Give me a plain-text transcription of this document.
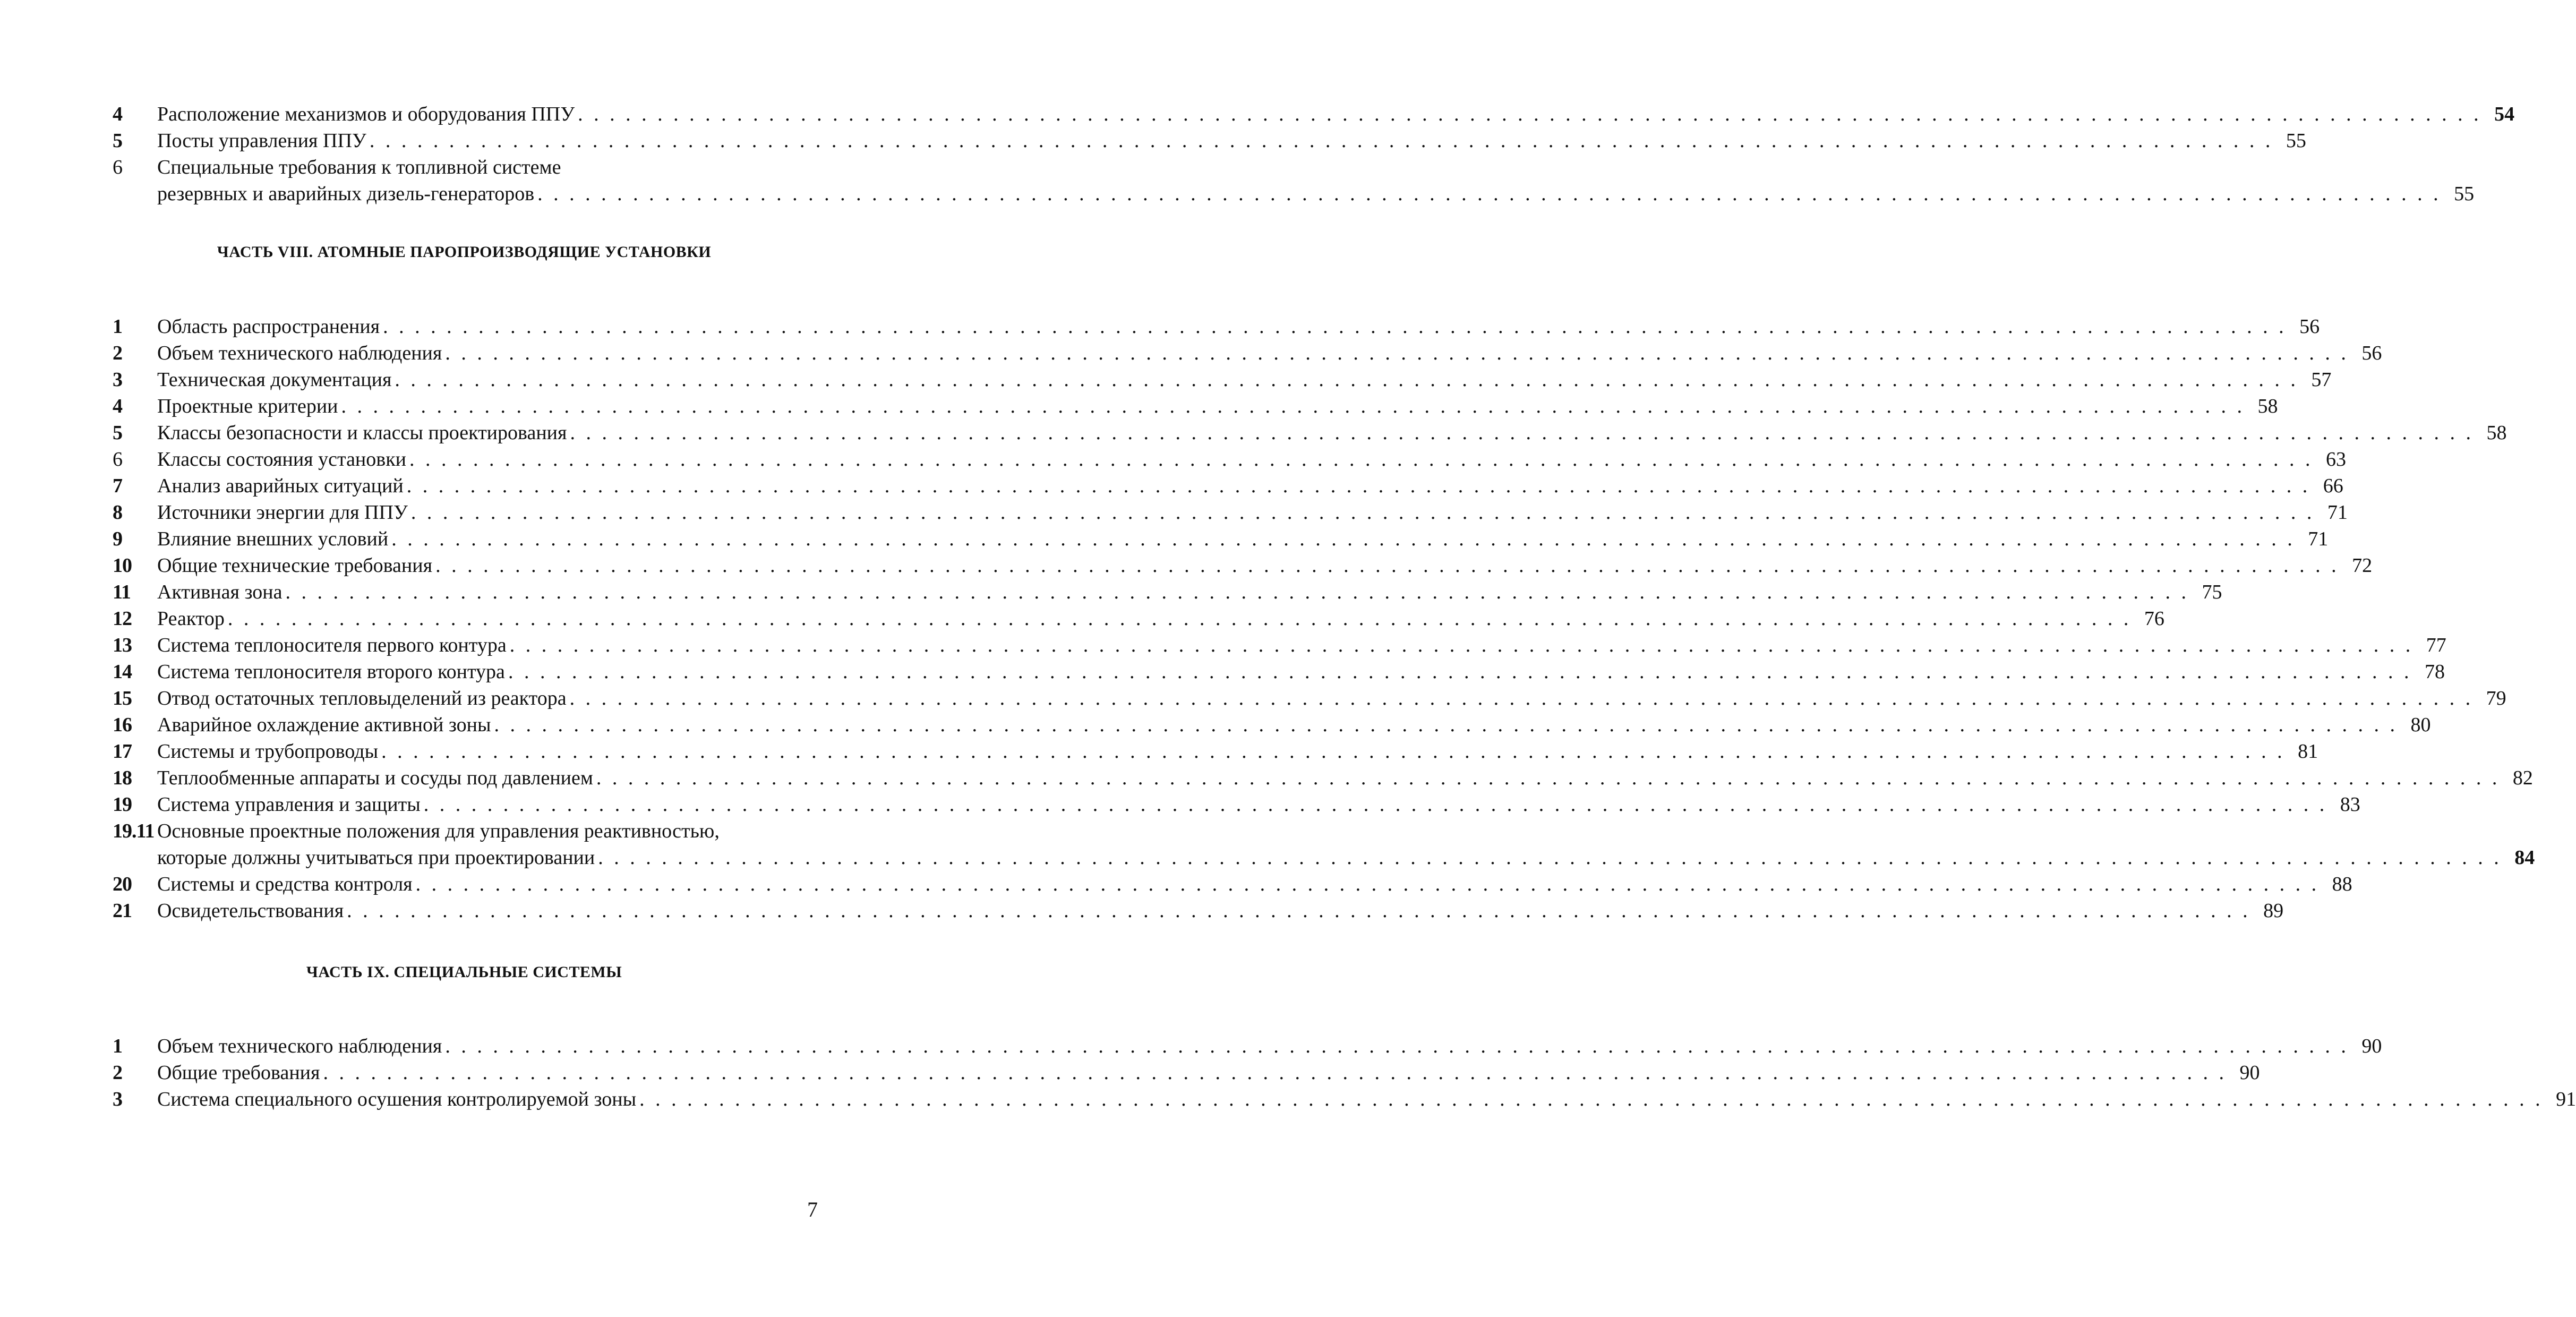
4	Расположение механизмов и оборудования ППУ . . . . . . . . . . . . . . . . . . . . . . . . . . . . . . . . . . . . . . . . . . . . . . . . . . . . . . . . . . . . . . . . . . . . . . . . . . . . . . . . . . . . . . . . . . . . . . . . . . . . . . . . . . . . . . . . . . . . . . . . 54
5	Посты управления ППУ . . . . . . . . . . . . . . . . . . . . . . . . . . . . . . . . . . . . . . . . . . . . . . . . . . . . . . . . . . . . . . . . . . . . . . . . . . . . . . . . . . . . . . . . . . . . . . . . . . . . . . . . . . . . . . . . . . . . . . . . 55
6	Специальные требования к топливной системе
резервных и аварийных дизель-генераторов . . . . . . . . . . . . . . . . . . . . . . . . . . . . . . . . . . . . . . . . . . . . . . . . . . . . . . . . . . . . . . . . . . . . . . . . . . . . . . . . . . . . . . . . . . . . . . . . . . . . . . . . . . . . . . . . . . . . . . . . 55
ЧАСТЬ VIII. АТОМНЫЕ ПАРОПРОИЗВОДЯЩИЕ УСТАНОВКИ
1	Область распространения . . . . . . . . . . . . . . . . . . . . . . . . . . . . . . . . . . . . . . . . . . . . . . . . . . . . . . . . . . . . . . . . . . . . . . . . . . . . . . . . . . . . . . . . . . . . . . . . . . . . . . . . . . . . . . . . . . . . . . . . 56
2	Объем технического наблюдения . . . . . . . . . . . . . . . . . . . . . . . . . . . . . . . . . . . . . . . . . . . . . . . . . . . . . . . . . . . . . . . . . . . . . . . . . . . . . . . . . . . . . . . . . . . . . . . . . . . . . . . . . . . . . . . . . . . . . . . . 56
3	Техническая документация . . . . . . . . . . . . . . . . . . . . . . . . . . . . . . . . . . . . . . . . . . . . . . . . . . . . . . . . . . . . . . . . . . . . . . . . . . . . . . . . . . . . . . . . . . . . . . . . . . . . . . . . . . . . . . . . . . . . . . . . 57
4	Проектные критерии . . . . . . . . . . . . . . . . . . . . . . . . . . . . . . . . . . . . . . . . . . . . . . . . . . . . . . . . . . . . . . . . . . . . . . . . . . . . . . . . . . . . . . . . . . . . . . . . . . . . . . . . . . . . . . . . . . . . . . . . 58
5	Классы безопасности и классы проектирования . . . . . . . . . . . . . . . . . . . . . . . . . . . . . . . . . . . . . . . . . . . . . . . . . . . . . . . . . . . . . . . . . . . . . . . . . . . . . . . . . . . . . . . . . . . . . . . . . . . . . . . . . . . . . . . . . . . . . . . . 58
6	Классы состояния установки . . . . . . . . . . . . . . . . . . . . . . . . . . . . . . . . . . . . . . . . . . . . . . . . . . . . . . . . . . . . . . . . . . . . . . . . . . . . . . . . . . . . . . . . . . . . . . . . . . . . . . . . . . . . . . . . . . . . . . . . 63
7	Анализ аварийных ситуаций . . . . . . . . . . . . . . . . . . . . . . . . . . . . . . . . . . . . . . . . . . . . . . . . . . . . . . . . . . . . . . . . . . . . . . . . . . . . . . . . . . . . . . . . . . . . . . . . . . . . . . . . . . . . . . . . . . . . . . . . 66
8	Источники энергии для ППУ . . . . . . . . . . . . . . . . . . . . . . . . . . . . . . . . . . . . . . . . . . . . . . . . . . . . . . . . . . . . . . . . . . . . . . . . . . . . . . . . . . . . . . . . . . . . . . . . . . . . . . . . . . . . . . . . . . . . . . . . 71
9	Влияние внешних условий . . . . . . . . . . . . . . . . . . . . . . . . . . . . . . . . . . . . . . . . . . . . . . . . . . . . . . . . . . . . . . . . . . . . . . . . . . . . . . . . . . . . . . . . . . . . . . . . . . . . . . . . . . . . . . . . . . . . . . . . 71
10	Общие технические требования . . . . . . . . . . . . . . . . . . . . . . . . . . . . . . . . . . . . . . . . . . . . . . . . . . . . . . . . . . . . . . . . . . . . . . . . . . . . . . . . . . . . . . . . . . . . . . . . . . . . . . . . . . . . . . . . . . . . . . . . 72
11	Активная зона . . . . . . . . . . . . . . . . . . . . . . . . . . . . . . . . . . . . . . . . . . . . . . . . . . . . . . . . . . . . . . . . . . . . . . . . . . . . . . . . . . . . . . . . . . . . . . . . . . . . . . . . . . . . . . . . . . . . . . . . 75
12	Реактор . . . . . . . . . . . . . . . . . . . . . . . . . . . . . . . . . . . . . . . . . . . . . . . . . . . . . . . . . . . . . . . . . . . . . . . . . . . . . . . . . . . . . . . . . . . . . . . . . . . . . . . . . . . . . . . . . . . . . . . . 76
13	Система теплоносителя первого контура . . . . . . . . . . . . . . . . . . . . . . . . . . . . . . . . . . . . . . . . . . . . . . . . . . . . . . . . . . . . . . . . . . . . . . . . . . . . . . . . . . . . . . . . . . . . . . . . . . . . . . . . . . . . . . . . . . . . . . . . 77
14	Система теплоносителя второго контура . . . . . . . . . . . . . . . . . . . . . . . . . . . . . . . . . . . . . . . . . . . . . . . . . . . . . . . . . . . . . . . . . . . . . . . . . . . . . . . . . . . . . . . . . . . . . . . . . . . . . . . . . . . . . . . . . . . . . . . . 78
15	Отвод остаточных тепловыделений из реактора . . . . . . . . . . . . . . . . . . . . . . . . . . . . . . . . . . . . . . . . . . . . . . . . . . . . . . . . . . . . . . . . . . . . . . . . . . . . . . . . . . . . . . . . . . . . . . . . . . . . . . . . . . . . . . . . . . . . . . . . 79
16	Аварийное охлаждение активной зоны . . . . . . . . . . . . . . . . . . . . . . . . . . . . . . . . . . . . . . . . . . . . . . . . . . . . . . . . . . . . . . . . . . . . . . . . . . . . . . . . . . . . . . . . . . . . . . . . . . . . . . . . . . . . . . . . . . . . . . . . 80
17	Системы и трубопроводы . . . . . . . . . . . . . . . . . . . . . . . . . . . . . . . . . . . . . . . . . . . . . . . . . . . . . . . . . . . . . . . . . . . . . . . . . . . . . . . . . . . . . . . . . . . . . . . . . . . . . . . . . . . . . . . . . . . . . . . . 81
18	Теплообменные аппараты и сосуды под давлением . . . . . . . . . . . . . . . . . . . . . . . . . . . . . . . . . . . . . . . . . . . . . . . . . . . . . . . . . . . . . . . . . . . . . . . . . . . . . . . . . . . . . . . . . . . . . . . . . . . . . . . . . . . . . . . . . . . . . . . . 82
19	Система управления и защиты . . . . . . . . . . . . . . . . . . . . . . . . . . . . . . . . . . . . . . . . . . . . . . . . . . . . . . . . . . . . . . . . . . . . . . . . . . . . . . . . . . . . . . . . . . . . . . . . . . . . . . . . . . . . . . . . . . . . . . . . 83
19.11 Основные проектные положения для управления реактивностью,
которые должны учитываться при проектировании . . . . . . . . . . . . . . . . . . . . . . . . . . . . . . . . . . . . . . . . . . . . . . . . . . . . . . . . . . . . . . . . . . . . . . . . . . . . . . . . . . . . . . . . . . . . . . . . . . . . . . . . . . . . . . . . . . . . . . . . 84
20	Системы и средства контроля . . . . . . . . . . . . . . . . . . . . . . . . . . . . . . . . . . . . . . . . . . . . . . . . . . . . . . . . . . . . . . . . . . . . . . . . . . . . . . . . . . . . . . . . . . . . . . . . . . . . . . . . . . . . . . . . . . . . . . . . 88
21	Освидетельствования . . . . . . . . . . . . . . . . . . . . . . . . . . . . . . . . . . . . . . . . . . . . . . . . . . . . . . . . . . . . . . . . . . . . . . . . . . . . . . . . . . . . . . . . . . . . . . . . . . . . . . . . . . . . . . . . . . . . . . . . 89
ЧАСТЬ IX. СПЕЦИАЛЬНЫЕ СИСТЕМЫ
1	Объем технического наблюдения . . . . . . . . . . . . . . . . . . . . . . . . . . . . . . . . . . . . . . . . . . . . . . . . . . . . . . . . . . . . . . . . . . . . . . . . . . . . . . . . . . . . . . . . . . . . . . . . . . . . . . . . . . . . . . . . . . . . . . . . 90
2	Общие требования . . . . . . . . . . . . . . . . . . . . . . . . . . . . . . . . . . . . . . . . . . . . . . . . . . . . . . . . . . . . . . . . . . . . . . . . . . . . . . . . . . . . . . . . . . . . . . . . . . . . . . . . . . . . . . . . . . . . . . . . 90
3	Система специального осушения контролируемой зоны . . . . . . . . . . . . . . . . . . . . . . . . . . . . . . . . . . . . . . . . . . . . . . . . . . . . . . . . . . . . . . . . . . . . . . . . . . . . . . . . . . . . . . . . . . . . . . . . . . . . . . . . . . . . . . . . . . . . . . . . 91
7
